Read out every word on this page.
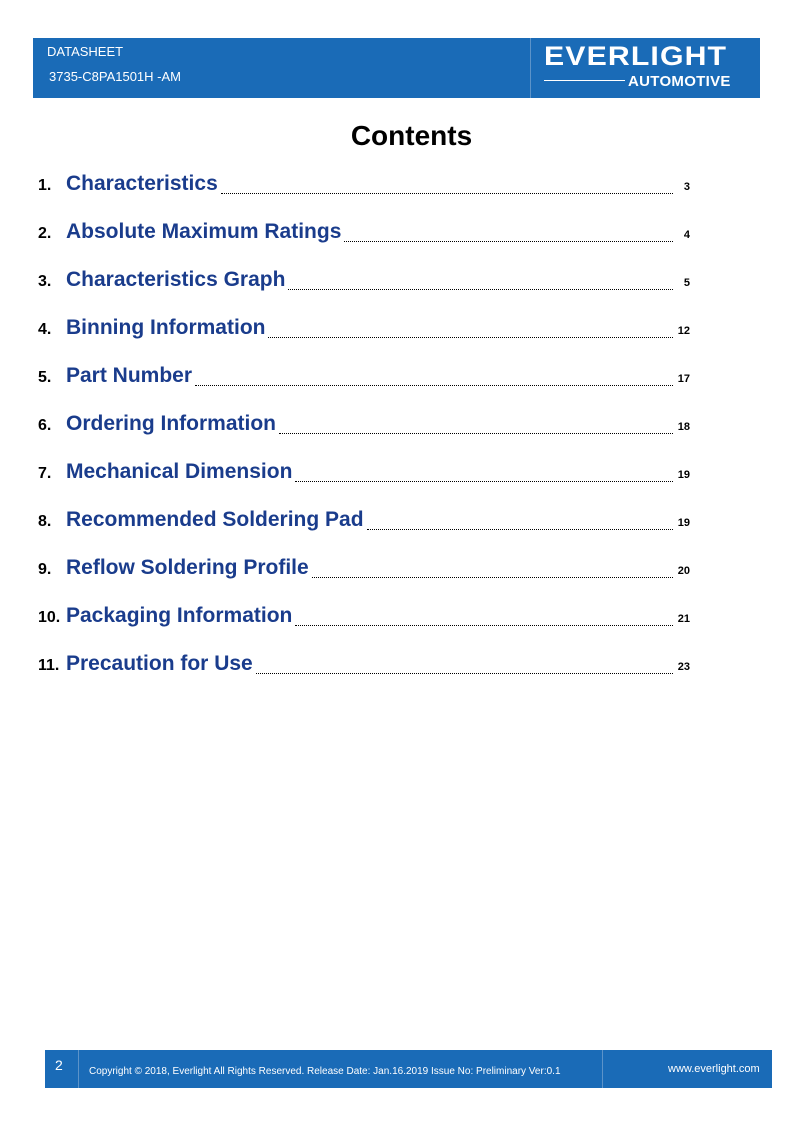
DATASHEET
3735-C8PA1501H -AM
EVERLIGHT
AUTOMOTIVE
Contents
1. Characteristics	3
2. Absolute Maximum Ratings	4
3. Characteristics Graph	5
4. Binning Information	12
5. Part Number	17
6. Ordering Information	18
7. Mechanical Dimension	19
8. Recommended Soldering Pad	19
9. Reflow Soldering Profile	20
10. Packaging Information	21
11. Precaution for Use	23
2	Copyright © 2018, Everlight All Rights Reserved. Release Date: Jan.16.2019 Issue No: Preliminary Ver:0.1	www.everlight.com
